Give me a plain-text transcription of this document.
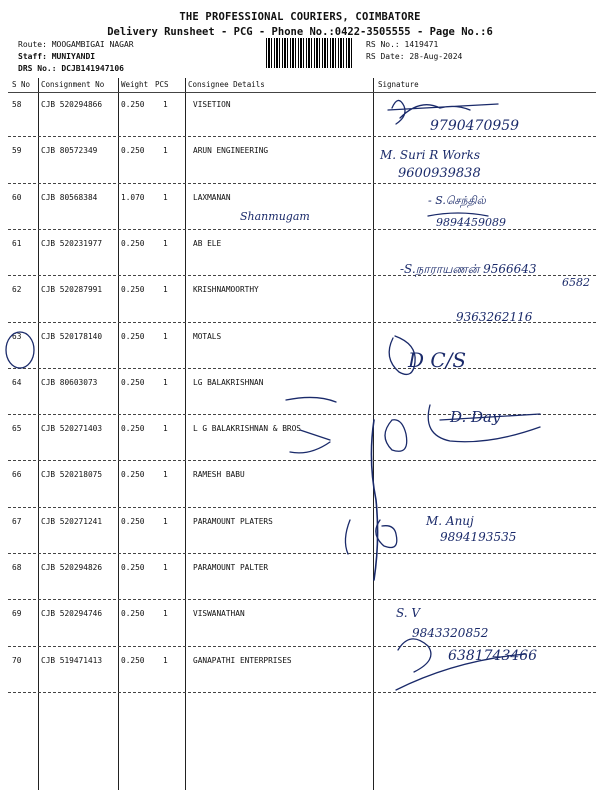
THE PROFESSIONAL COURIERS, COIMBATORE
Delivery Runsheet - PCG - Phone No.:0422-3505555 - Page No.:6
Route: MOOGAMBIGAI NAGAR
Staff: MUNIYANDI
DRS No.: DCJB141947106
RS No.: 1419471
RS Date: 28-Aug-2024
S No Consignment No Weight PCS	Consignee Details	Signature
58	CJB 520294866 0.250 1	VISETION
59	CJB 80572349	0.250 1	ARUN ENGINEERING
60	CJB 80568384	1.070 1	LAXMANAN
61	CJB 520231977 0.250 1	AB ELE
62	CJB 520287991 0.250 1	KRISHNAMOORTHY
63	CJB 520178140 0.250 1	MOTALS
64	CJB 80603073	0.250 1	LG BALAKRISHNAN
65	CJB 520271403 0.250 1	L G BALAKRISHNAN & BROS
66	CJB 520218075 0.250 1	RAMESH BABU
67	CJB 520271241 0.250 1	PARAMOUNT PLATERS
68	CJB 520294826 0.250 1	PARAMOUNT PALTER
69	CJB 520294746 0.250 1	VISWANATHAN
70	CJB 519471413 0.250 1	GANAPATHI ENTERPRISES
9790470959
M. Suri R Works
9600939838
Shanmugam
- S.செந்தில்
9894459089
-S.நாராயணன் 9566643
6582
9363262116
D C/S
D. Day
M. Anuj
9894193535
S. V
9843320852
6381743466
